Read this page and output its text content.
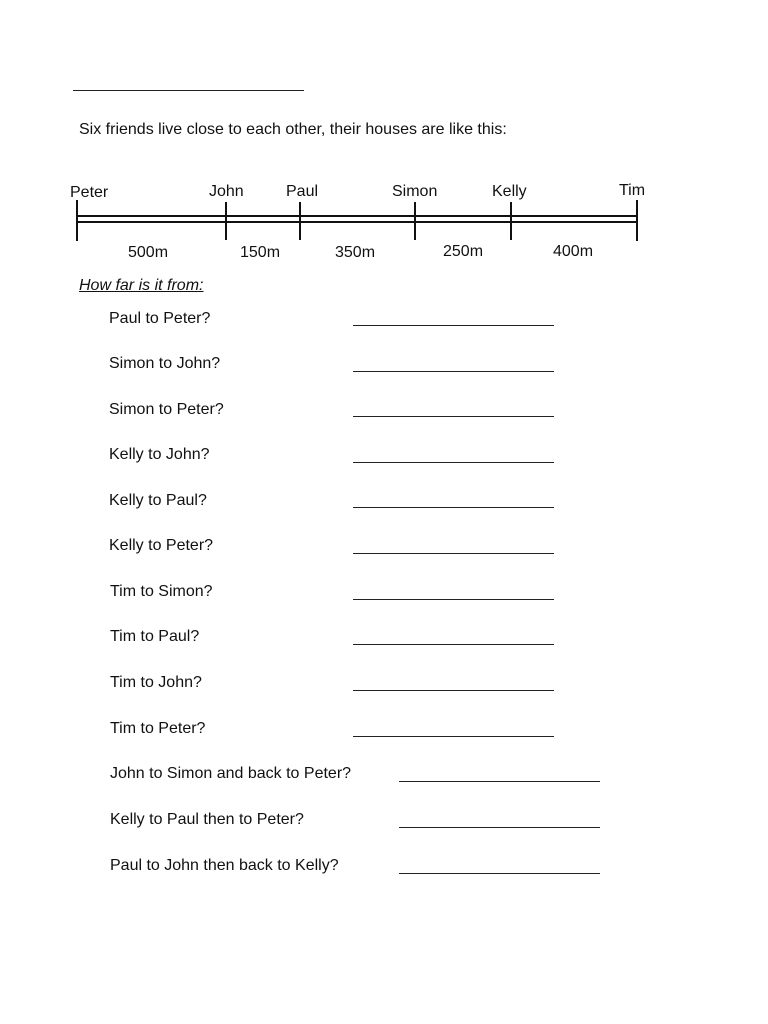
Six friends live close to each other, their houses are like this:
Peter	John	Paul	Simon	Kelly	Tim
500m	150m	350m	250m	400m
How far is it from:
Paul to Peter?
Simon to John?
Simon to Peter?
Kelly to John?
Kelly to Paul?
Kelly to Peter?
Tim to Simon?
Tim to Paul?
Tim to John?
Tim to Peter?
John to Simon and back to Peter?
Kelly to Paul then to Peter?
Paul to John then back to Kelly?
